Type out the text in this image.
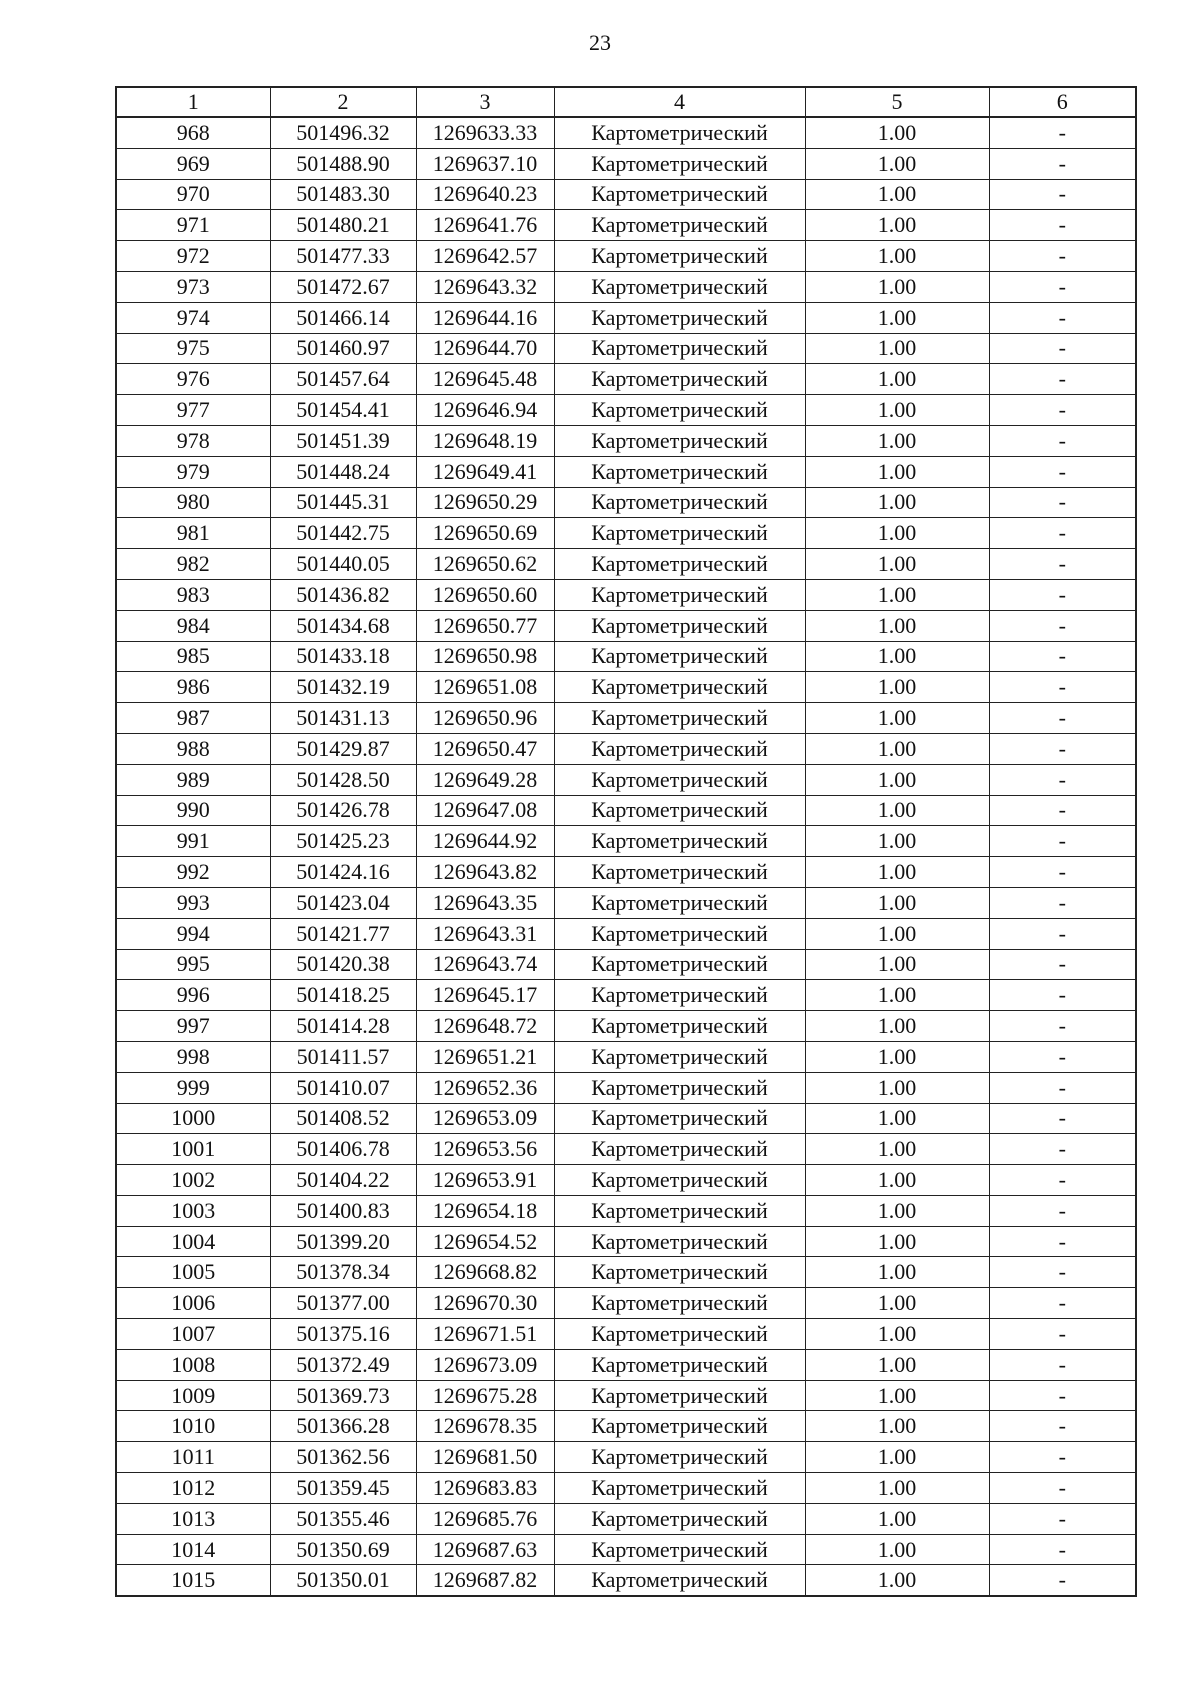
23
1	2	3	4	5	6
968	501496.32	1269633.33	Картометрический	1.00	-
969	501488.90	1269637.10	Картометрический	1.00	-
970	501483.30	1269640.23	Картометрический	1.00	-
971	501480.21	1269641.76	Картометрический	1.00	-
972	501477.33	1269642.57	Картометрический	1.00	-
973	501472.67	1269643.32	Картометрический	1.00	-
974	501466.14	1269644.16	Картометрический	1.00	-
975	501460.97	1269644.70	Картометрический	1.00	-
976	501457.64	1269645.48	Картометрический	1.00	-
977	501454.41	1269646.94	Картометрический	1.00	-
978	501451.39	1269648.19	Картометрический	1.00	-
979	501448.24	1269649.41	Картометрический	1.00	-
980	501445.31	1269650.29	Картометрический	1.00	-
981	501442.75	1269650.69	Картометрический	1.00	-
982	501440.05	1269650.62	Картометрический	1.00	-
983	501436.82	1269650.60	Картометрический	1.00	-
984	501434.68	1269650.77	Картометрический	1.00	-
985	501433.18	1269650.98	Картометрический	1.00	-
986	501432.19	1269651.08	Картометрический	1.00	-
987	501431.13	1269650.96	Картометрический	1.00	-
988	501429.87	1269650.47	Картометрический	1.00	-
989	501428.50	1269649.28	Картометрический	1.00	-
990	501426.78	1269647.08	Картометрический	1.00	-
991	501425.23	1269644.92	Картометрический	1.00	-
992	501424.16	1269643.82	Картометрический	1.00	-
993	501423.04	1269643.35	Картометрический	1.00	-
994	501421.77	1269643.31	Картометрический	1.00	-
995	501420.38	1269643.74	Картометрический	1.00	-
996	501418.25	1269645.17	Картометрический	1.00	-
997	501414.28	1269648.72	Картометрический	1.00	-
998	501411.57	1269651.21	Картометрический	1.00	-
999	501410.07	1269652.36	Картометрический	1.00	-
1000	501408.52	1269653.09	Картометрический	1.00	-
1001	501406.78	1269653.56	Картометрический	1.00	-
1002	501404.22	1269653.91	Картометрический	1.00	-
1003	501400.83	1269654.18	Картометрический	1.00	-
1004	501399.20	1269654.52	Картометрический	1.00	-
1005	501378.34	1269668.82	Картометрический	1.00	-
1006	501377.00	1269670.30	Картометрический	1.00	-
1007	501375.16	1269671.51	Картометрический	1.00	-
1008	501372.49	1269673.09	Картометрический	1.00	-
1009	501369.73	1269675.28	Картометрический	1.00	-
1010	501366.28	1269678.35	Картометрический	1.00	-
1011	501362.56	1269681.50	Картометрический	1.00	-
1012	501359.45	1269683.83	Картометрический	1.00	-
1013	501355.46	1269685.76	Картометрический	1.00	-
1014	501350.69	1269687.63	Картометрический	1.00	-
1015	501350.01	1269687.82	Картометрический	1.00	-
